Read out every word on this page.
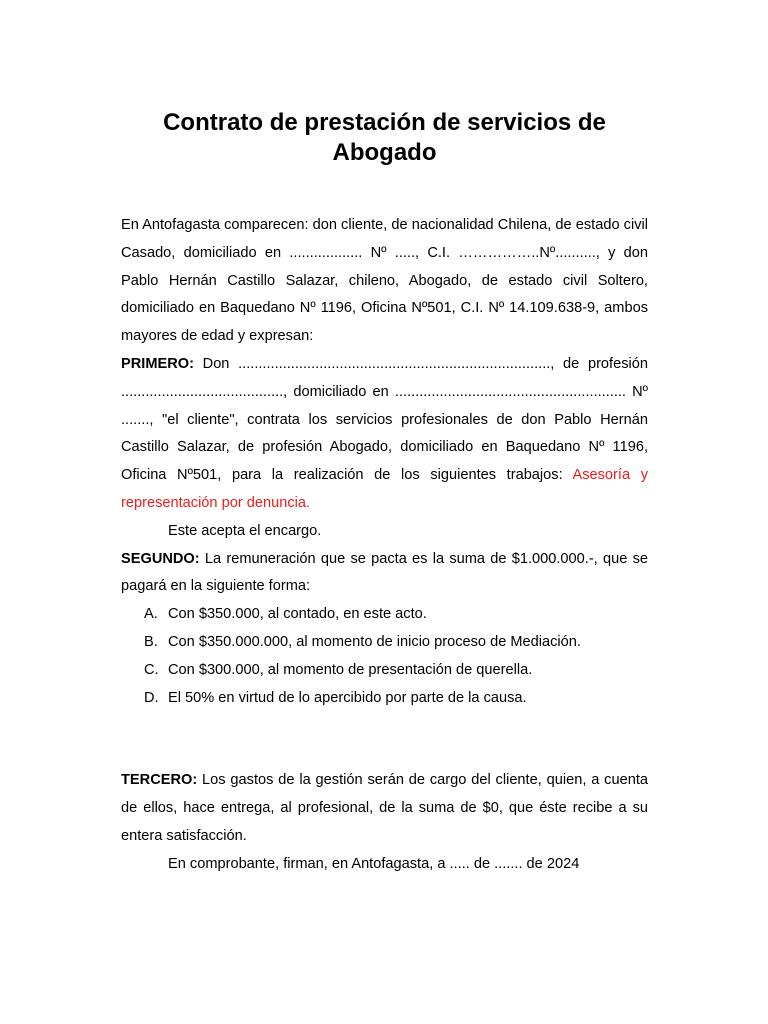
Contrato de prestación de servicios de Abogado

En Antofagasta comparecen: don cliente, de nacionalidad Chilena, de estado civil Casado, domiciliado en .................. Nº ....., C.I. ……………..Nº.........., y don Pablo Hernán Castillo Salazar, chileno, Abogado, de estado civil Soltero, domiciliado en Baquedano Nº 1196, Oficina Nº501, C.I. Nº 14.109.638-9, ambos mayores de edad y expresan:

PRIMERO: Don ............................................................................., de profesión ........................................, domiciliado en ......................................................... Nº ......., "el cliente", contrata los servicios profesionales de don Pablo Hernán Castillo Salazar, de profesión Abogado, domiciliado en Baquedano Nº 1196, Oficina Nº501, para la realización de los siguientes trabajos: Asesoría y representación por denuncia.

Este acepta el encargo.

SEGUNDO: La remuneración que se pacta es la suma de $1.000.000.-, que se pagará en la siguiente forma:

A. Con $350.000, al contado, en este acto.
B. Con $350.000.000, al momento de inicio proceso de Mediación.
C. Con $300.000, al momento de presentación de querella.
D. El 50% en virtud de lo apercibido por parte de la causa.

TERCERO: Los gastos de la gestión serán de cargo del cliente, quien, a cuenta de ellos, hace entrega, al profesional, de la suma de $0, que éste recibe a su entera satisfacción.

En comprobante, firman, en Antofagasta, a ..... de ....... de 2024
